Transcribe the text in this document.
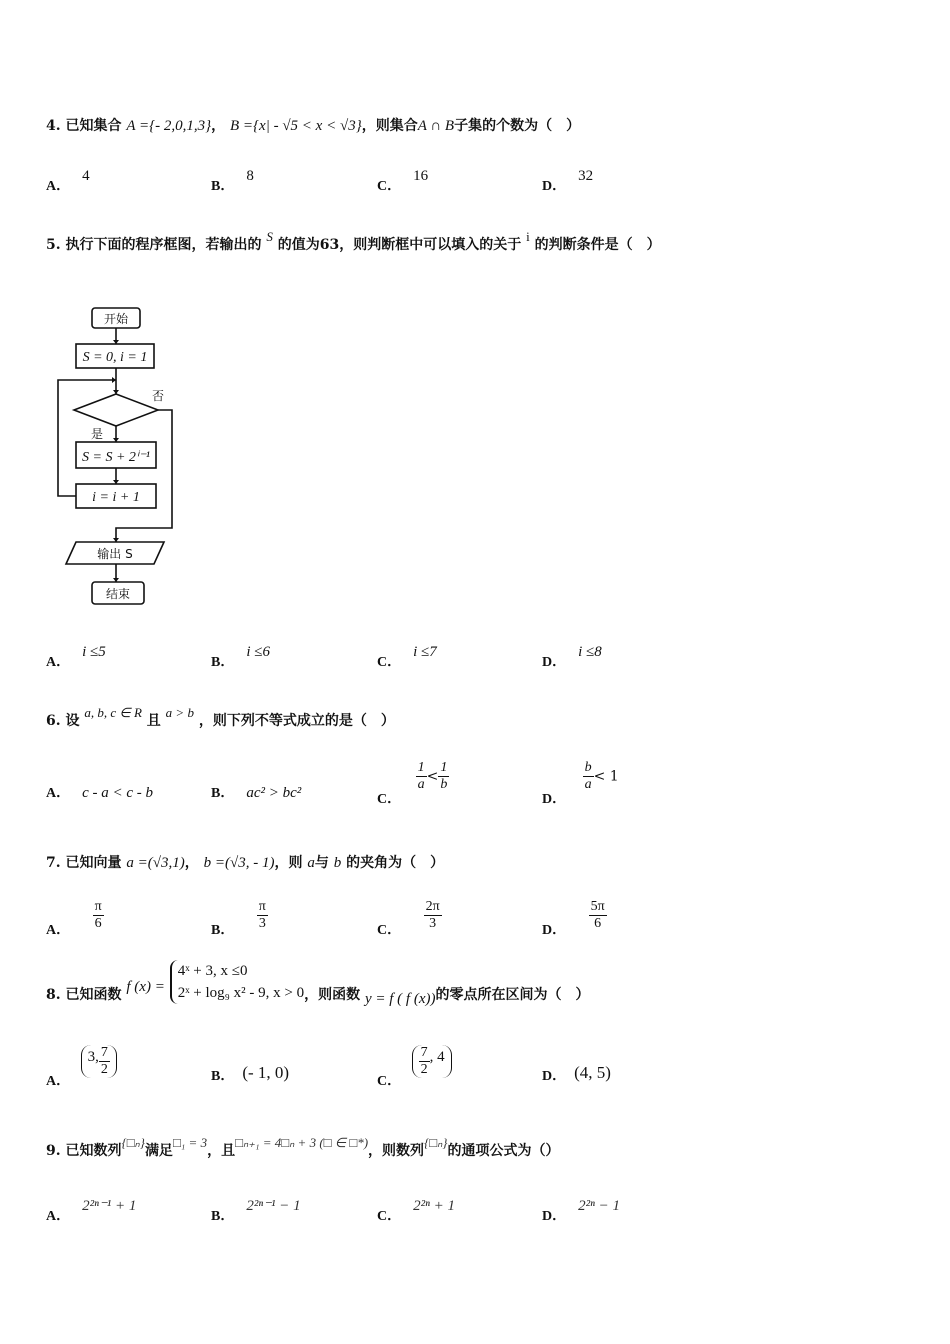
4. 已知集合 A ={- 2,0,1,3}， B ={x| - √5 < x < √3}，则集合A ∩ B子集的个数为（　）
A．4
B．8
C．16
D．32
5. 执行下面的程序框图，若输出的 S 的值为63，则判断框中可以填入的关于 i 的判断条件是（　）
开始
S = 0, i = 1
否
是
S = S + 2ⁱ⁻¹
i = i + 1
输出 S
结束
A．i ≤5
B．i ≤6
C．i ≤7
D．i ≤8
6. 设 a, b, c ∈ R 且 a > b ，则下列不等式成立的是（　）
A． c - a < c - b	B． ac² > bc²	C．
$\frac{1}{a} < \frac{1}{b}$
D．
$\frac{b}{a} < 1$
7. 已知向量 a =(√3,1)， b =(√3, - 1)，则 a与 b 的夹角为（　）
A． $\frac{\pi}{6}$	B． $\frac{\pi}{3}$	C． $\frac{2\pi}{3}$	D． $\frac{5\pi}{6}$
8. 已知函数 f (x) =
4ˣ + 3, x ≤0
2ˣ + log₉ x² - 9, x > 0 ，则函数 y = f ( f (x))的零点所在区间为（　）
A． 3, $\frac{7}{2}$	B． (- 1, 0)	C．
$\frac{7}{2}$ , 4
D． (4, 5)
9. 已知数列{□ₙ}满足□₁ = 3，且□ₙ₊₁ = 4□ₙ + 3 (□ ∈ □*)，则数列{□ₙ}的通项公式为（）
A．2²ⁿ⁻¹ + 1
B．2²ⁿ⁻¹ − 1
C．2²ⁿ + 1
D．2²ⁿ − 1
